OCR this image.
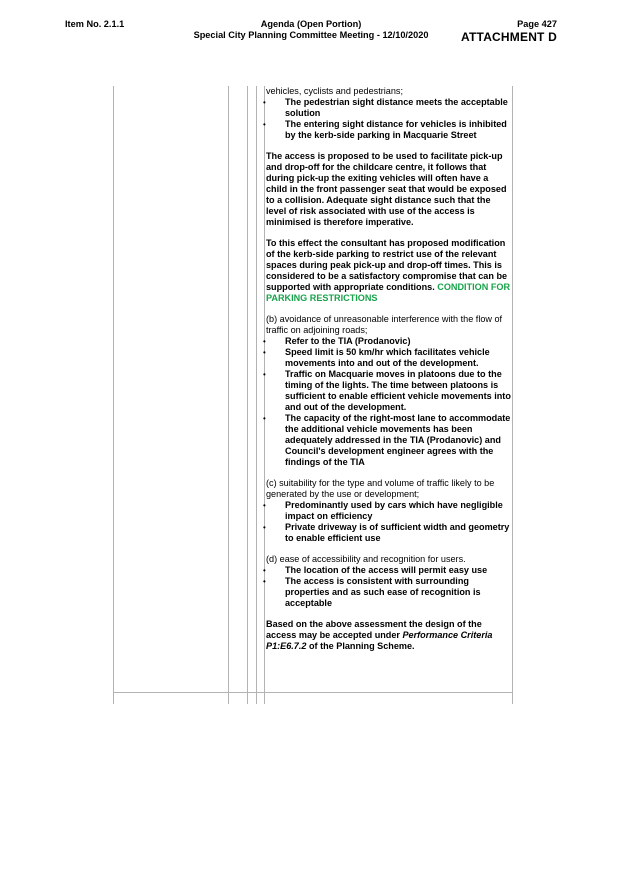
Item No. 2.1.1	Agenda (Open Portion)
Special City Planning Committee Meeting - 12/10/2020
Page 427
ATTACHMENT D
vehicles, cyclists and pedestrians;
• The pedestrian sight distance meets the acceptable solution
• The entering sight distance for vehicles is inhibited by the kerb-side parking in Macquarie Street

The access is proposed to be used to facilitate pick-up and drop-off for the childcare centre, it follows that during pick-up the exiting vehicles will often have a child in the front passenger seat that would be exposed to a collision. Adequate sight distance such that the level of risk associated with use of the access is minimised is therefore imperative.

To this effect the consultant has proposed modification of the kerb-side parking to restrict use of the relevant spaces during peak pick-up and drop-off times. This is considered to be a satisfactory compromise that can be supported with appropriate conditions. CONDITION FOR PARKING RESTRICTIONS

(b) avoidance of unreasonable interference with the flow of traffic on adjoining roads;
• Refer to the TIA (Prodanovic)
• Speed limit is 50 km/hr which facilitates vehicle movements into and out of the development.
• Traffic on Macquarie moves in platoons due to the timing of the lights. The time between platoons is sufficient to enable efficient vehicle movements into and out of the development.
• The capacity of the right-most lane to accommodate the additional vehicle movements has been adequately addressed in the TIA (Prodanovic) and Council's development engineer agrees with the findings of the TIA
(c) suitability for the type and volume of traffic likely to be generated by the use or development;
• Predominantly used by cars which have negligible impact on efficiency
• Private driveway is of sufficient width and geometry to enable efficient use
(d) ease of accessibility and recognition for users.
• The location of the access will permit easy use
• The access is consistent with surrounding properties and as such ease of recognition is acceptable

Based on the above assessment the design of the access may be accepted under Performance Criteria P1:E6.7.2 of the Planning Scheme.
